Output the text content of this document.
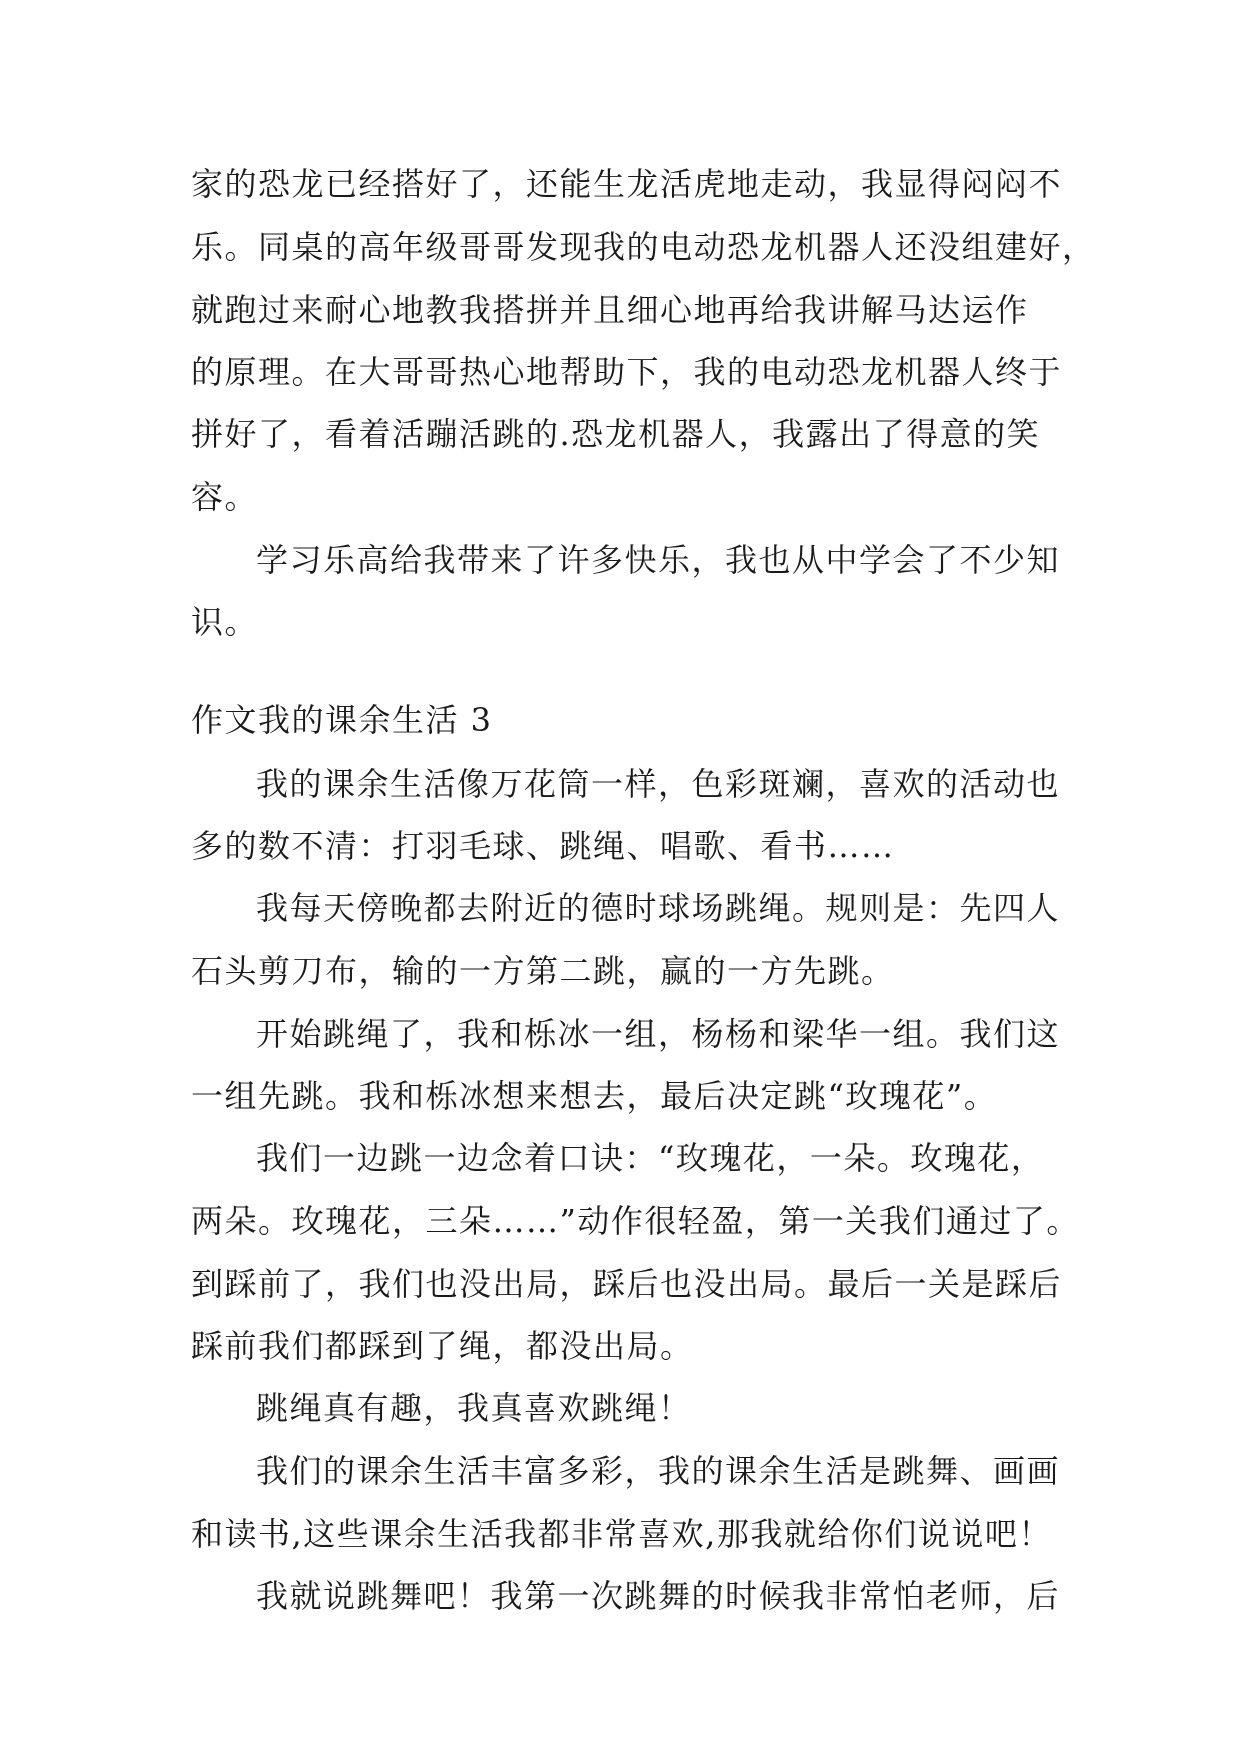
家的恐龙已经搭好了，还能生龙活虎地走动，我显得闷闷不
乐。同桌的高年级哥哥发现我的电动恐龙机器人还没组建好，
就跑过来耐心地教我搭拼并且细心地再给我讲解马达运作
的原理。在大哥哥热心地帮助下，我的电动恐龙机器人终于
拼好了，看着活蹦活跳的.恐龙机器人，我露出了得意的笑
容。
学习乐高给我带来了许多快乐，我也从中学会了不少知
识。
作文我的课余生活 3
我的课余生活像万花筒一样，色彩斑斓，喜欢的活动也
多的数不清：打羽毛球、跳绳、唱歌、看书……
我每天傍晚都去附近的德时球场跳绳。规则是：先四人
石头剪刀布，输的一方第二跳，赢的一方先跳。
开始跳绳了，我和栎冰一组，杨杨和梁华一组。我们这
一组先跳。我和栎冰想来想去，最后决定跳“玫瑰花”。
我们一边跳一边念着口诀：“玫瑰花，一朵。玫瑰花，
两朵。玫瑰花，三朵……”动作很轻盈，第一关我们通过了。
到踩前了，我们也没出局，踩后也没出局。最后一关是踩后
踩前我们都踩到了绳，都没出局。
跳绳真有趣，我真喜欢跳绳！
我们的课余生活丰富多彩，我的课余生活是跳舞、画画
和读书,这些课余生活我都非常喜欢,那我就给你们说说吧！
我就说跳舞吧！我第一次跳舞的时候我非常怕老师，后
